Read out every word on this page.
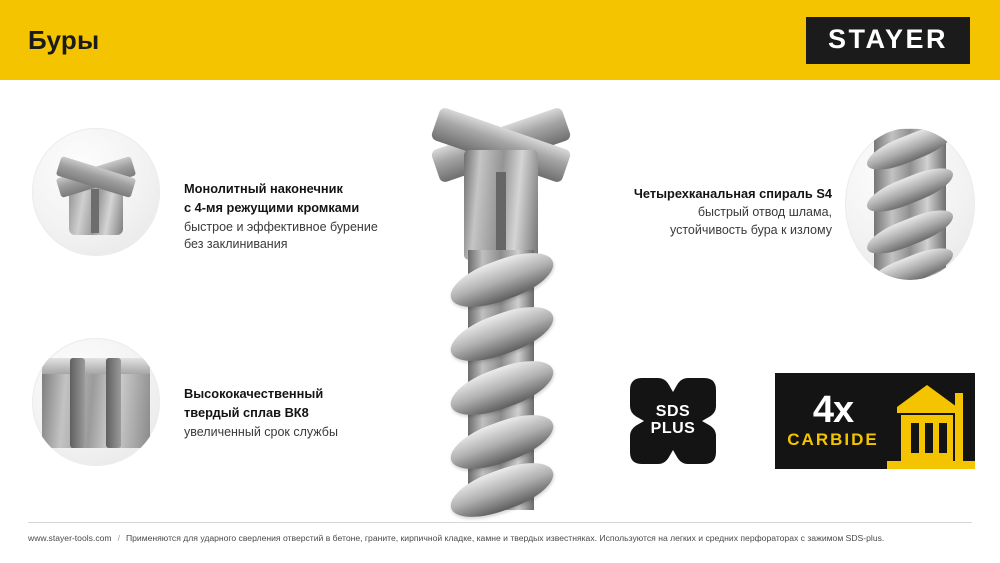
Буры	STAYER
Монолитный наконечник
с 4-мя режущими кромками
быстрое и эффективное бурение
без заклинивания
Высококачественный
твердый сплав ВК8
увеличенный срок службы
Четырехканальная спираль S4
быстрый отвод шлама,
устойчивость бура к излому
SDS
PLUS	4x
CARBIDE
www.stayer-tools.com / Применяются для ударного сверления отверстий в бетоне, граните, кирпичной кладке, камне и твердых известняках. Используются на легких и средних перфораторах с зажимом SDS-plus.
